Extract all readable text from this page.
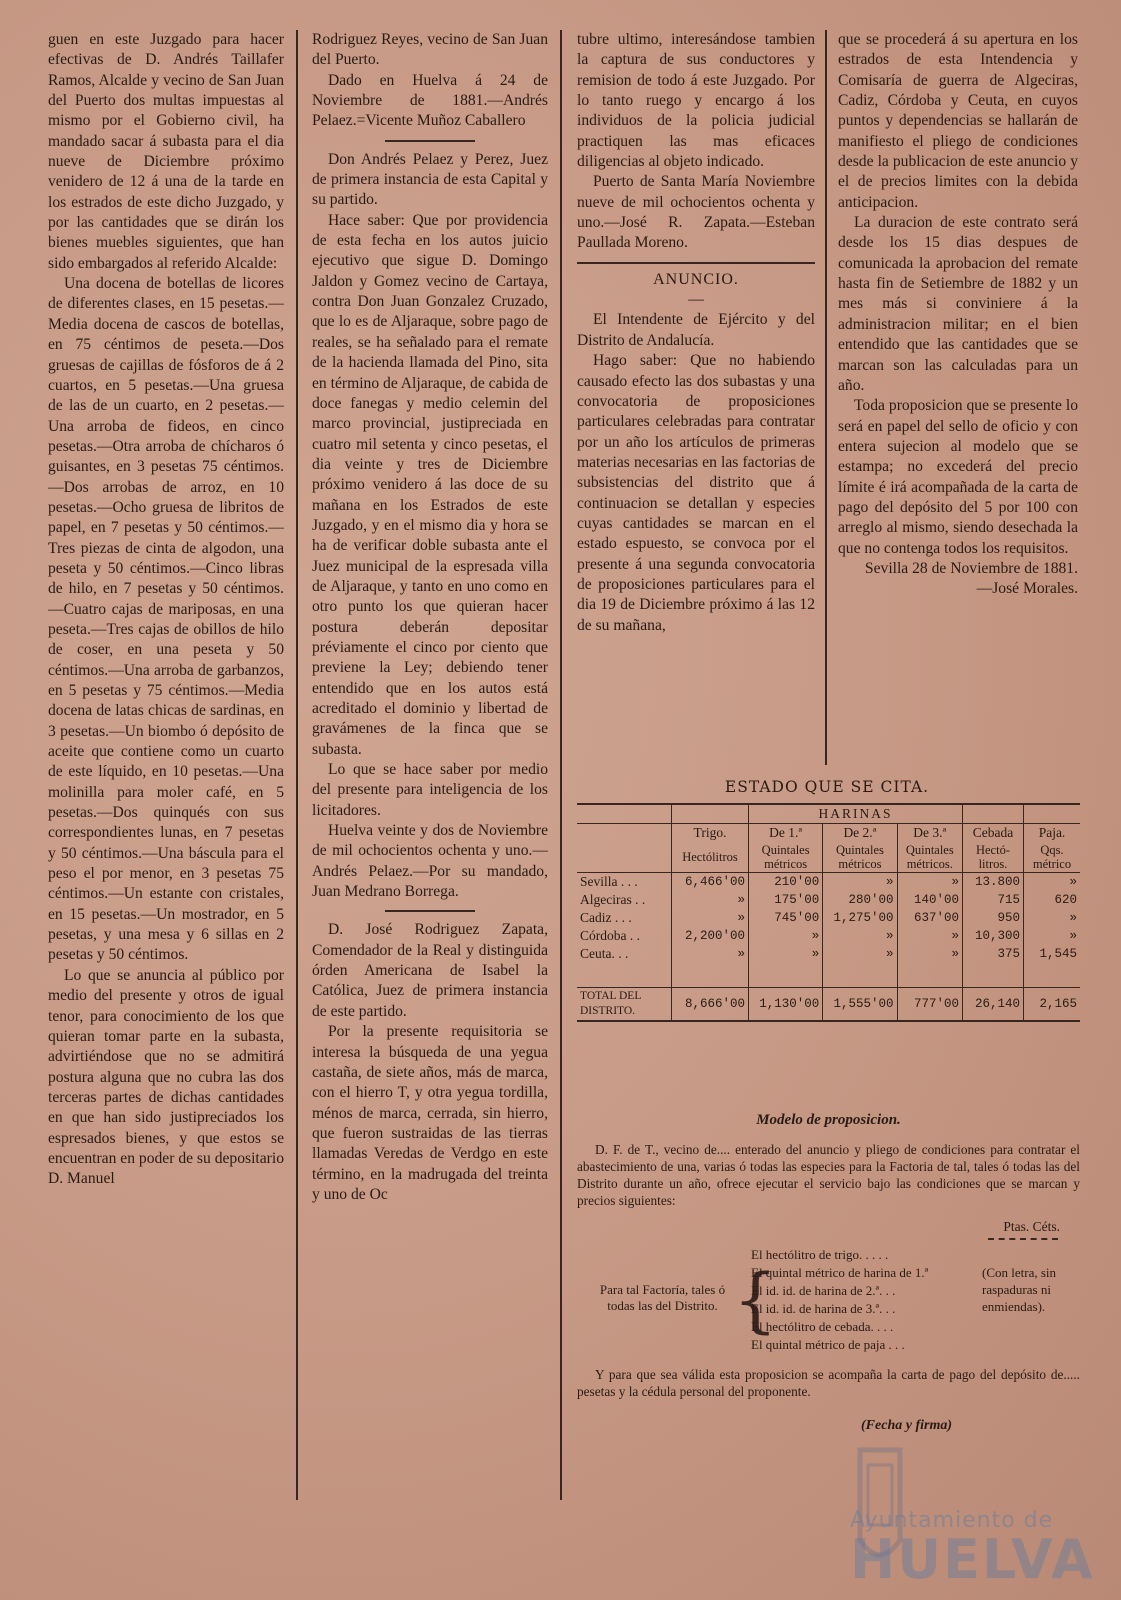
guen en este Juzgado para hacer efectivas de D. Andrés Taillafer Ramos, Alcalde y vecino de San Juan del Puerto dos multas impuestas al mismo por el Gobierno civil, ha mandado sacar á subasta para el dia nueve de Diciembre próximo venidero de 12 á una de la tarde en los estrados de este dicho Juzgado, y por las cantidades que se dirán los bienes muebles siguientes, que han sido embargados al referido Alcalde:

Una docena de botellas de licores de diferentes clases, en 15 pesetas.—Media docena de cascos de botellas, en 75 céntimos de peseta.—Dos gruesas de cajillas de fósforos de á 2 cuartos, en 5 pesetas.—Una gruesa de las de un cuarto, en 2 pesetas.—Una arroba de fideos, en cinco pesetas.—Otra arroba de chícharos ó guisantes, en 3 pesetas 75 céntimos.—Dos arrobas de arroz, en 10 pesetas.—Ocho gruesa de libritos de papel, en 7 pesetas y 50 céntimos.—Tres piezas de cinta de algodon, una peseta y 50 céntimos.—Cinco libras de hilo, en 7 pesetas y 50 céntimos.—Cuatro cajas de mariposas, en una peseta.—Tres cajas de obillos de hilo de coser, en una peseta y 50 céntimos.—Una arroba de garbanzos, en 5 pesetas y 75 céntimos.—Media docena de latas chicas de sardinas, en 3 pesetas.—Un biombo ó depósito de aceite que contiene como un cuarto de este líquido, en 10 pesetas.—Una molinilla para moler café, en 5 pesetas.—Dos quinqués con sus correspondientes lunas, en 7 pesetas y 50 céntimos.—Una báscula para el peso el por menor, en 3 pesetas 75 céntimos.—Un estante con cristales, en 15 pesetas.—Un mostrador, en 5 pesetas, y una mesa y 6 sillas en 2 pesetas y 50 céntimos.

Lo que se anuncia al público por medio del presente y otros de igual tenor, para conocimiento de los que quieran tomar parte en la subasta, advirtiéndose que no se admitirá postura alguna que no cubra las dos terceras partes de dichas cantidades en que han sido justipreciados los espresados bienes, y que estos se encuentran en poder de su depositario D. Manuel

Rodriguez Reyes, vecino de San Juan del Puerto.

Dado en Huelva á 24 de Noviembre de 1881.—Andrés Pelaez.=Vicente Muñoz Caballero

Don Andrés Pelaez y Perez, Juez de primera instancia de esta Capital y su partido.

Hace saber: Que por providencia de esta fecha en los autos juicio ejecutivo que sigue D. Domingo Jaldon y Gomez vecino de Cartaya, contra Don Juan Gonzalez Cruzado, que lo es de Aljaraque, sobre pago de reales, se ha señalado para el remate de la hacienda llamada del Pino, sita en término de Aljaraque, de cabida de doce fanegas y medio celemin del marco provincial, justipreciada en cuatro mil setenta y cinco pesetas, el dia veinte y tres de Diciembre próximo venidero á las doce de su mañana en los Estrados de este Juzgado, y en el mismo dia y hora se ha de verificar doble subasta ante el Juez municipal de la espresada villa de Aljaraque, y tanto en uno como en otro punto los que quieran hacer postura deberán depositar préviamente el cinco por ciento que previene la Ley; debiendo tener entendido que en los autos está acreditado el dominio y libertad de gravámenes de la finca que se subasta.

Lo que se hace saber por medio del presente para inteligencia de los licitadores.

Huelva veinte y dos de Noviembre de mil ochocientos ochenta y uno.—Andrés Pelaez.—Por su mandado, Juan Medrano Borrega.

D. José Rodriguez Zapata, Comendador de la Real y distinguida órden Americana de Isabel la Católica, Juez de primera instancia de este partido.

Por la presente requisitoria se interesa la búsqueda de una yegua castaña, de siete años, más de marca, con el hierro T, y otra yegua tordilla, ménos de marca, cerrada, sin hierro, que fueron sustraidas de las tierras llamadas Veredas de Verdgo en este término, en la madrugada del treinta y uno de Oc

tubre ultimo, interesándose tambien la captura de sus conductores y remision de todo á este Juzgado. Por lo tanto ruego y encargo á los individuos de la policia judicial practiquen las mas eficaces diligencias al objeto indicado.

Puerto de Santa María Noviembre nueve de mil ochocientos ochenta y uno.—José R. Zapata.—Esteban Paullada Moreno.

ANUNCIO.

—

El Intendente de Ejército y del Distrito de Andalucía.

Hago saber: Que no habiendo causado efecto las dos subastas y una convocatoria de proposiciones particulares celebradas para contratar por un año los artículos de primeras materias necesarias en las factorias de subsistencias del distrito que á continuacion se detallan y especies cuyas cantidades se marcan en el estado espuesto, se convoca por el presente á una segunda convocatoria de proposiciones particulares para el dia 19 de Diciembre próximo á las 12 de su mañana,

que se procederá á su apertura en los estrados de esta Intendencia y Comisaría de guerra de Algeciras, Cadiz, Córdoba y Ceuta, en cuyos puntos y dependencias se hallarán de manifiesto el pliego de condiciones desde la publicacion de este anuncio y el de precios limites con la debida anticipacion.

La duracion de este contrato será desde los 15 dias despues de comunicada la aprobacion del remate hasta fin de Setiembre de 1882 y un mes más si conviniere á la administracion militar; en el bien entendido que las cantidades que se marcan son las calculadas para un año.

Toda proposicion que se presente lo será en papel del sello de oficio y con entera sujecion al modelo que se estampa; no excederá del precio límite é irá acompañada de la carta de pago del depósito del 5 por 100 con arreglo al mismo, siendo desechada la que no contenga todos los requisitos.

Sevilla 28 de Noviembre de 1881.—José Morales.

ESTADO QUE SE CITA.
		HARINAS				
	Trigo.	De 1.ª	De 2.ª	De 3.ª	Cebada	Paja.
	Hectólitros	Quintales métricos	Quintales métricos	Quintales métricos.	Hectó-litros.	Qqs. métrico
Sevilla . . .	6,466'00	210'00	»	»	13.800	»
Algeciras . .	»	175'00	280'00	140'00	715	620
Cadiz . . .	»	745'00	1,275'00	637'00	950	»
Córdoba . .	2,200'00	»	»	»	10,300	»
Ceuta. . .	»	»	»	»	375	1,545

TOTAL DEL DISTRITO.	8,666'00	1,130'00	1,555'00	777'00	26,140	2,165
Modelo de proposicion.
D. F. de T., vecino de.... enterado del anuncio y pliego de condiciones para contratar el abastecimiento de una, varias ó todas las especies para la Factoria de tal, tales ó todas las del Distrito durante un año, ofrece ejecutar el servicio bajo las condiciones que se marcan y precios siguientes:
Ptas. Céts.
Para tal Factoría, tales ó todas las del Distrito. {
El hectólitro de trigo. . . . .
El quintal métrico de harina de 1.ª
El id. id. de harina de 2.ª. . .
El id. id. de harina de 3.ª. . .
El hectólitro de cebada. . . .
El quintal métrico de paja . . .
(Con letra, sin raspaduras ni enmiendas).
Y para que sea válida esta proposicion se acompaña la carta de pago del depósito de..... pesetas y la cédula personal del proponente.
(Fecha y firma)
Ayuntamiento de
HUELVA
